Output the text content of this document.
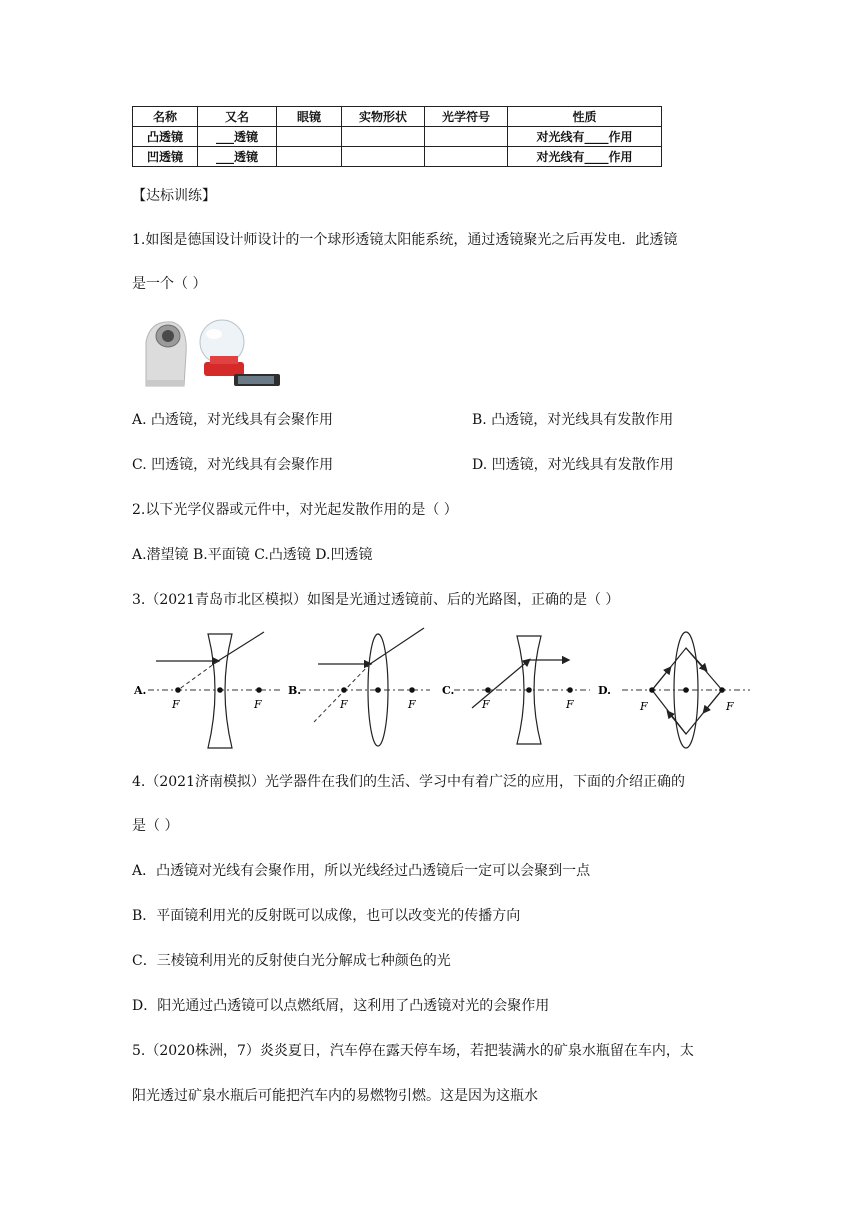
名称	又名	眼镜	实物形状	光学符号	性质
凸透镜	___透镜				对光线有____作用
凹透镜	___透镜				对光线有____作用
【达标训练】
1.如图是德国设计师设计的一个球形透镜太阳能系统，通过透镜聚光之后再发电．此透镜
是一个（ ）
A. 凸透镜，对光线具有会聚作用	B. 凸透镜，对光线具有发散作用
C. 凹透镜，对光线具有会聚作用	D. 凹透镜，对光线具有发散作用
2.以下光学仪器或元件中，对光起发散作用的是（ ）
A.潜望镜 B.平面镜 C.凸透镜 D.凹透镜
3.（2021青岛市北区模拟）如图是光通过透镜前、后的光路图，正确的是（ ）
A.
F	F
B.
F	F
C.
F	F
D.
F	F
4.（2021济南模拟）光学器件在我们的生活、学习中有着广泛的应用，下面的介绍正确的
是（ ）
A．凸透镜对光线有会聚作用，所以光线经过凸透镜后一定可以会聚到一点
B．平面镜利用光的反射既可以成像，也可以改变光的传播方向
C．三棱镜利用光的反射使白光分解成七种颜色的光
D．阳光通过凸透镜可以点燃纸屑，这利用了凸透镜对光的会聚作用
5.（2020株洲，7）炎炎夏日，汽车停在露天停车场，若把装满水的矿泉水瓶留在车内，太
阳光透过矿泉水瓶后可能把汽车内的易燃物引燃。这是因为这瓶水
